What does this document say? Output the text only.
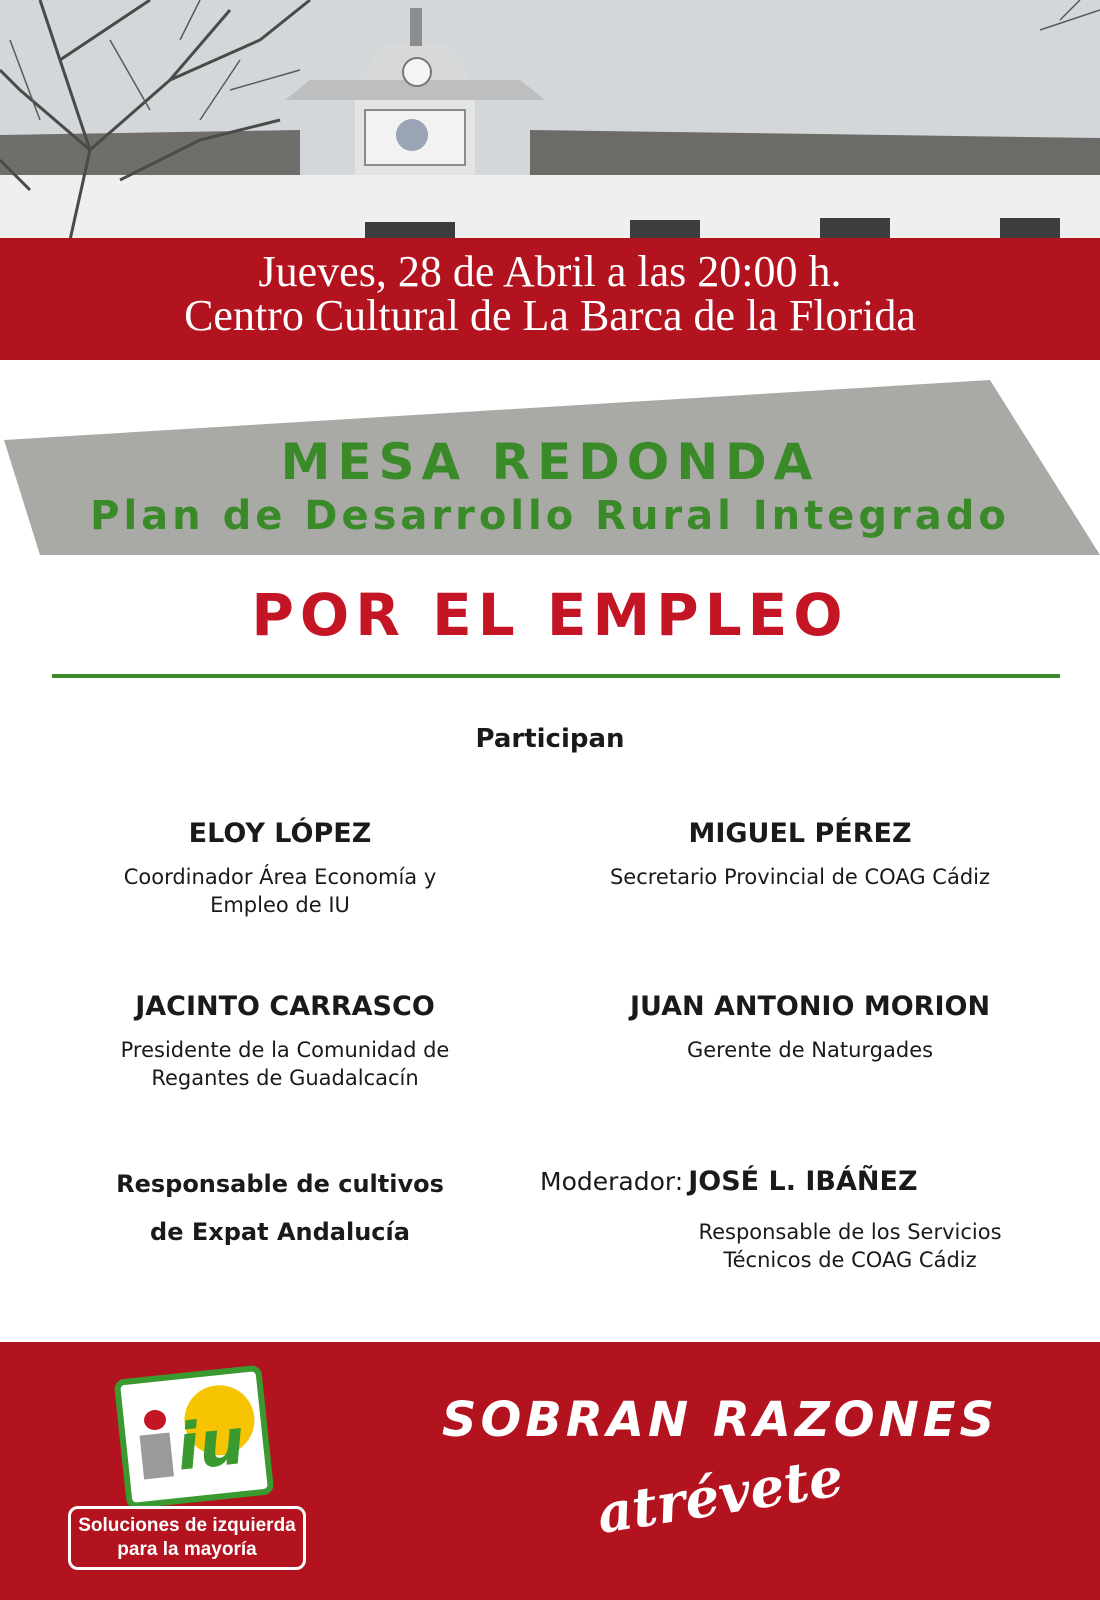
Jueves, 28 de Abril a las 20:00 h.
Centro Cultural de La Barca de la Florida
MESA REDONDA
Plan de Desarrollo Rural Integrado
POR EL EMPLEO
Participan
ELOY LÓPEZ
Coordinador Área Economía y
Empleo de IU
MIGUEL PÉREZ
Secretario Provincial de COAG Cádiz
JACINTO CARRASCO
Presidente de la Comunidad de
Regantes de Guadalcacín
JUAN ANTONIO MORION
Gerente de Naturgades
Responsable de cultivos
de Expat Andalucía
Moderador: JOSÉ L. IBÁÑEZ
Responsable de los Servicios
Técnicos de COAG Cádiz
iu
Soluciones de izquierda
para la mayoría
SOBRAN RAZONES
atrévete
